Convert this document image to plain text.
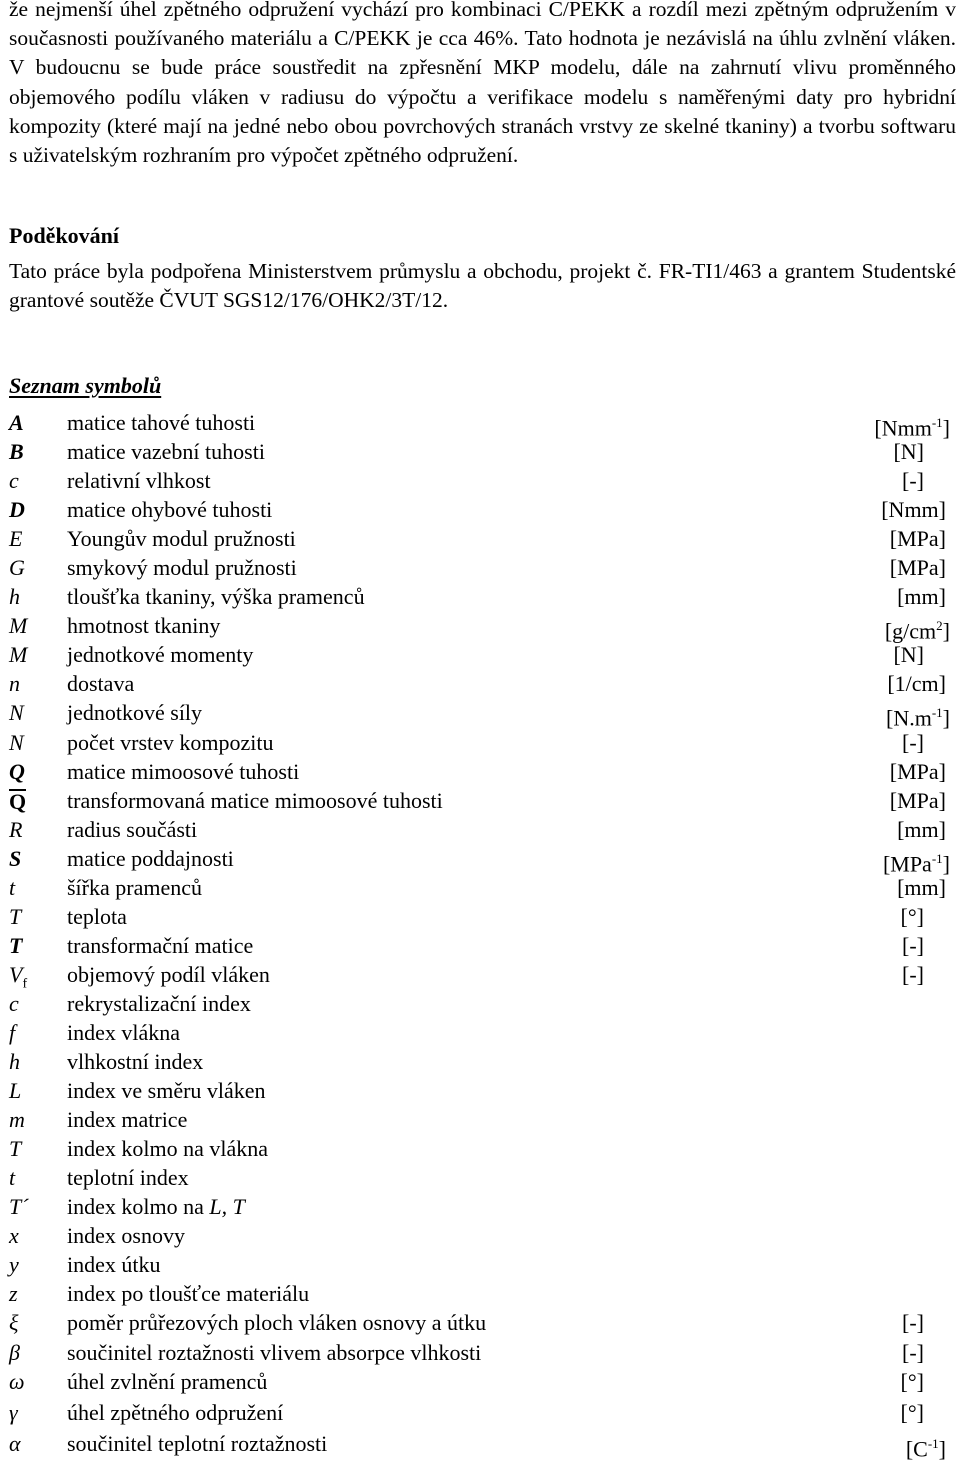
že nejmenší úhel zpětného odpružení vychází pro kombinaci C/PEKK a rozdíl mezi zpětným odpružením v současnosti používaného materiálu a C/PEKK je cca 46%. Tato hodnota je nezávislá na úhlu zvlnění vláken. V budoucnu se bude práce soustředit na zpřesnění MKP modelu, dále na zahrnutí vlivu proměnného objemového podílu vláken v radiusu do výpočtu a verifikace modelu s naměřenými daty pro hybridní kompozity (které mají na jedné nebo obou povrchových stranách vrstvy ze skelné tkaniny) a tvorbu softwaru s uživatelským rozhraním pro výpočet zpětného odpružení.

Poděkování

Tato práce byla podpořena Ministerstvem průmyslu a obchodu, projekt č. FR-TI1/463 a grantem Studentské grantové soutěže ČVUT SGS12/176/OHK2/3T/12.

Seznam symbolů
A	matice tahové tuhosti	[Nmm$^{-1}$]
B	matice vazební tuhosti	[N]
c	relativní vlhkost	[-]
D	matice ohybové tuhosti	[Nmm]
E	Youngův modul pružnosti	[MPa]
G	smykový modul pružnosti	[MPa]
h	tloušťka tkaniny, výška pramenců	[mm]
M	hmotnost tkaniny	$[g/cm^2]$
M	jednotkové momenty	[N]
n	dostava	[1/cm]
N	jednotkové síly	$[N.m^{-1}]$
N	počet vrstev kompozitu	[-]
Q	matice mimoosové tuhosti	[MPa]
Q	transformovaná matice mimoosové tuhosti	[MPa]
R	radius součásti	[mm]
S	matice poddajnosti	[MPa$^{-1}$]
t	šířka pramenců	[mm]
T	teplota	[°]
T	transformační matice	[-]
$V_f$	objemový podíl vláken	[-]
c	rekrystalizační index
f	index vlákna
h	vlhkostní index
L	index ve směru vláken
m	index matrice
T	index kolmo na vlákna
t	teplotní index
T´	index kolmo na L, T
x	index osnovy
y	index útku
z	index po tloušťce materiálu
ξ	poměr průřezových ploch vláken osnovy a útku	[-]
β	součinitel roztažnosti vlivem absorpce vlhkosti	[-]
ω	úhel zvlnění pramenců	[°]
γ	úhel zpětného odpružení	[°]
α	součinitel teplotní roztažnosti	$[C^{-1}]$
